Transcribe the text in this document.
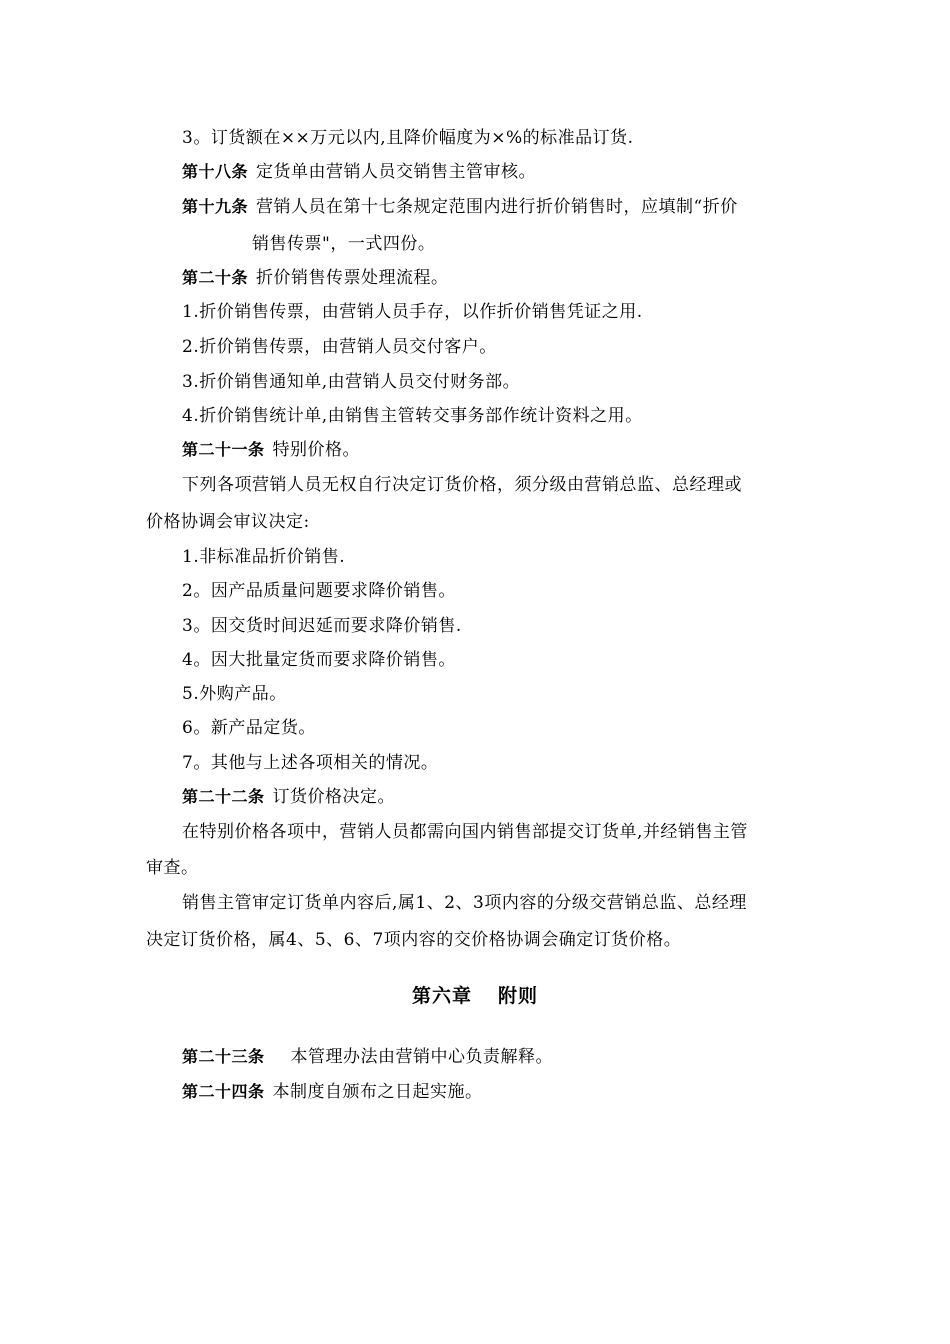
3。订货额在××万元以内,且降价幅度为×%的标准品订货.
第十八条 定货单由营销人员交销售主管审核。
第十九条 营销人员在第十七条规定范围内进行折价销售时，应填制“折价
销售传票"，一式四份。
第二十条 折价销售传票处理流程。
1.折价销售传票，由营销人员手存，以作折价销售凭证之用.
2.折价销售传票，由营销人员交付客户。
3.折价销售通知单,由营销人员交付财务部。
4.折价销售统计单,由销售主管转交事务部作统计资料之用。
第二十一条 特别价格。
下列各项营销人员无权自行决定订货价格，须分级由营销总监、总经理或
价格协调会审议决定:
1.非标准品折价销售.
2。因产品质量问题要求降价销售。
3。因交货时间迟延而要求降价销售.
4。因大批量定货而要求降价销售。
5.外购产品。
6。新产品定货。
7。其他与上述各项相关的情况。
第二十二条 订货价格决定。
在特别价格各项中，营销人员都需向国内销售部提交订货单,并经销售主管
审查。
销售主管审定订货单内容后,属1、2、3项内容的分级交营销总监、总经理
决定订货价格，属4、5、6、7项内容的交价格协调会确定订货价格。
第六章 附则
第二十三条 本管理办法由营销中心负责解释。
第二十四条 本制度自颁布之日起实施。
